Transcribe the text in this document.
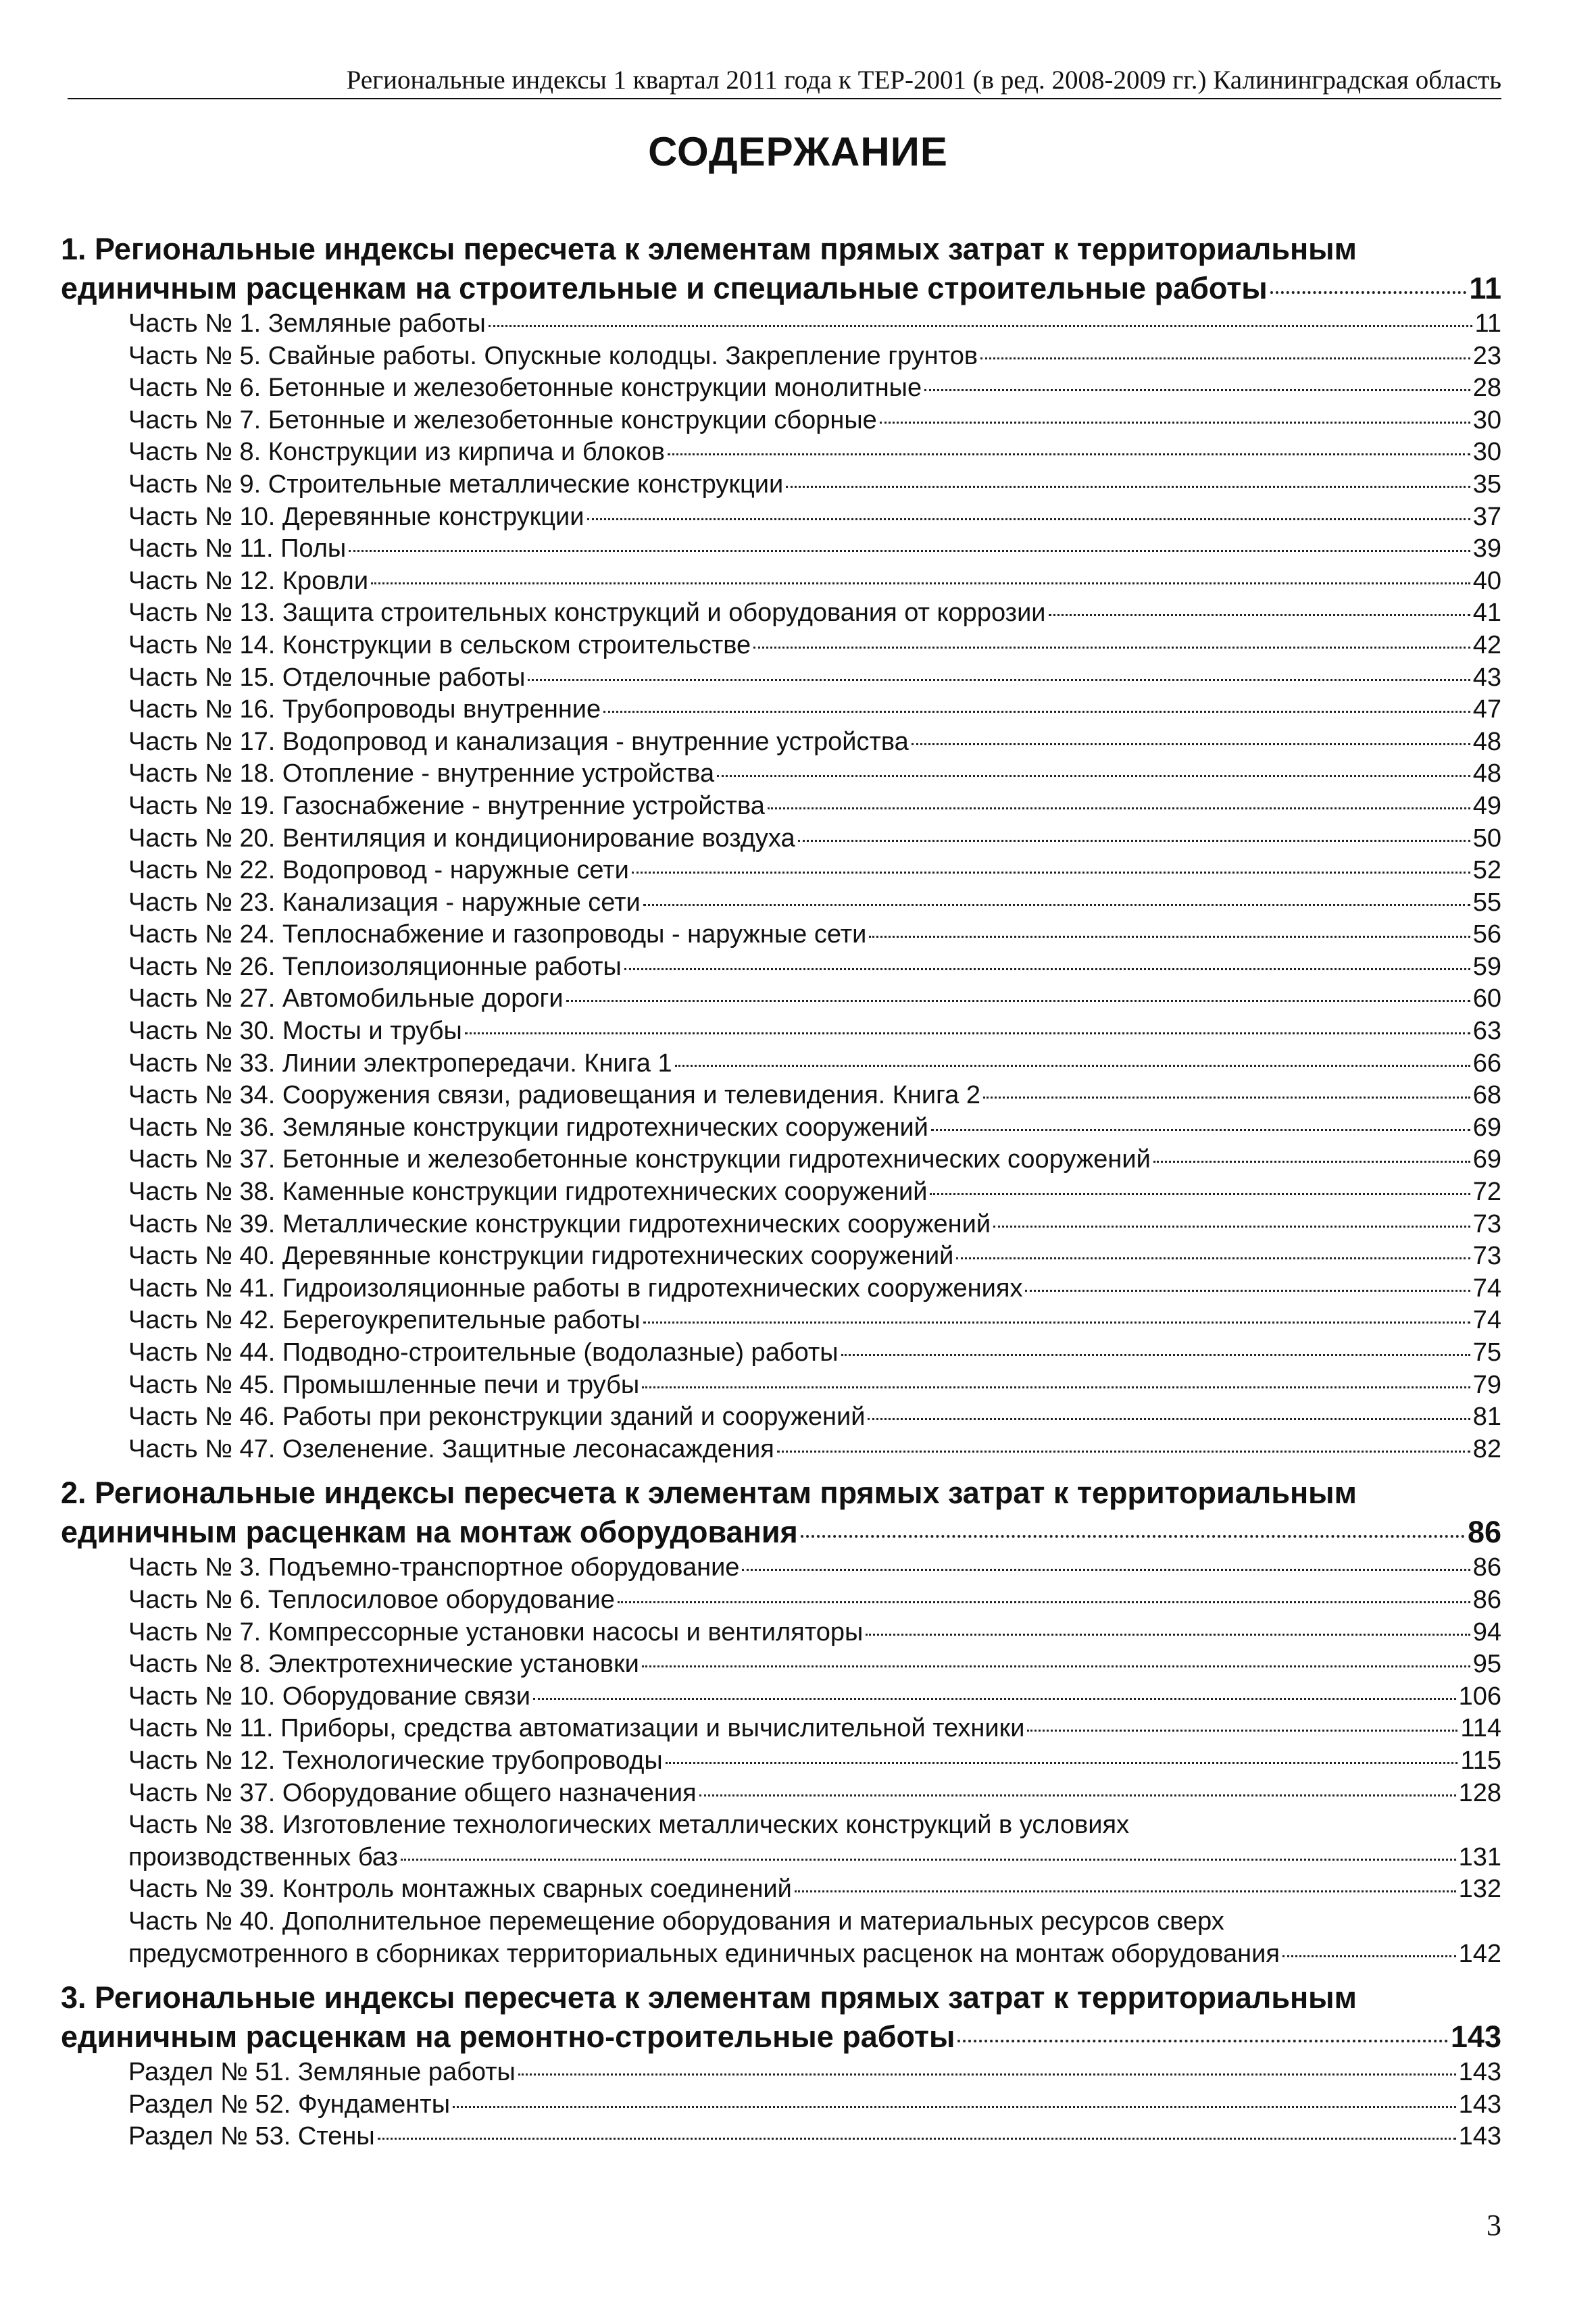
Региональные индексы 1 квартал 2011 года к ТЕР-2001 (в ред. 2008-2009 гг.) Калининградская область
СОДЕРЖАНИЕ
1. Региональные индексы пересчета к элементам прямых затрат к территориальным
единичным расценкам на строительные и специальные строительные работы	11
Часть № 1. Земляные работы	11
Часть № 5. Свайные работы. Опускные колодцы. Закрепление грунтов	23
Часть № 6. Бетонные и железобетонные конструкции монолитные	28
Часть № 7. Бетонные и железобетонные конструкции сборные	30
Часть № 8. Конструкции из кирпича и блоков	30
Часть № 9. Строительные металлические конструкции	35
Часть № 10. Деревянные конструкции	37
Часть № 11. Полы	39
Часть № 12. Кровли	40
Часть № 13. Защита строительных конструкций и оборудования от коррозии	41
Часть № 14. Конструкции в сельском строительстве	42
Часть № 15. Отделочные работы	43
Часть № 16. Трубопроводы внутренние	47
Часть № 17. Водопровод и канализация - внутренние устройства	48
Часть № 18. Отопление - внутренние устройства	48
Часть № 19. Газоснабжение - внутренние устройства	49
Часть № 20. Вентиляция и кондиционирование воздуха	50
Часть № 22. Водопровод - наружные сети	52
Часть № 23. Канализация - наружные сети	55
Часть № 24. Теплоснабжение и газопроводы - наружные сети	56
Часть № 26. Теплоизоляционные работы	59
Часть № 27. Автомобильные дороги	60
Часть № 30. Мосты и трубы	63
Часть № 33. Линии электропередачи. Книга 1	66
Часть № 34. Сооружения связи, радиовещания и телевидения. Книга 2	68
Часть № 36. Земляные конструкции гидротехнических сооружений	69
Часть № 37. Бетонные и железобетонные конструкции гидротехнических сооружений	69
Часть № 38. Каменные конструкции гидротехнических сооружений	72
Часть № 39. Металлические конструкции гидротехнических сооружений	73
Часть № 40. Деревянные конструкции гидротехнических сооружений	73
Часть № 41. Гидроизоляционные работы в гидротехнических сооружениях	74
Часть № 42. Берегоукрепительные работы	74
Часть № 44. Подводно-строительные (водолазные) работы	75
Часть № 45. Промышленные печи и трубы	79
Часть № 46. Работы при реконструкции зданий и сооружений	81
Часть № 47. Озеленение. Защитные лесонасаждения	82
2. Региональные индексы пересчета к элементам прямых затрат к территориальным
единичным расценкам на монтаж оборудования	86
Часть № 3. Подъемно-транспортное оборудование	86
Часть № 6. Теплосиловое оборудование	86
Часть № 7. Компрессорные установки насосы и вентиляторы	94
Часть № 8. Электротехнические установки	95
Часть № 10. Оборудование связи	106
Часть № 11. Приборы, средства автоматизации и вычислительной техники	114
Часть № 12. Технологические трубопроводы	115
Часть № 37. Оборудование общего назначения	128
Часть № 38. Изготовление технологических металлических конструкций в условиях
производственных баз	131
Часть № 39. Контроль монтажных сварных соединений	132
Часть № 40. Дополнительное перемещение оборудования и материальных ресурсов сверх
предусмотренного в сборниках территориальных единичных расценок на монтаж оборудования	142
3. Региональные индексы пересчета к элементам прямых затрат к территориальным
единичным расценкам на ремонтно-строительные работы	143
Раздел № 51. Земляные работы	143
Раздел № 52. Фундаменты	143
Раздел № 53. Стены	143
3
